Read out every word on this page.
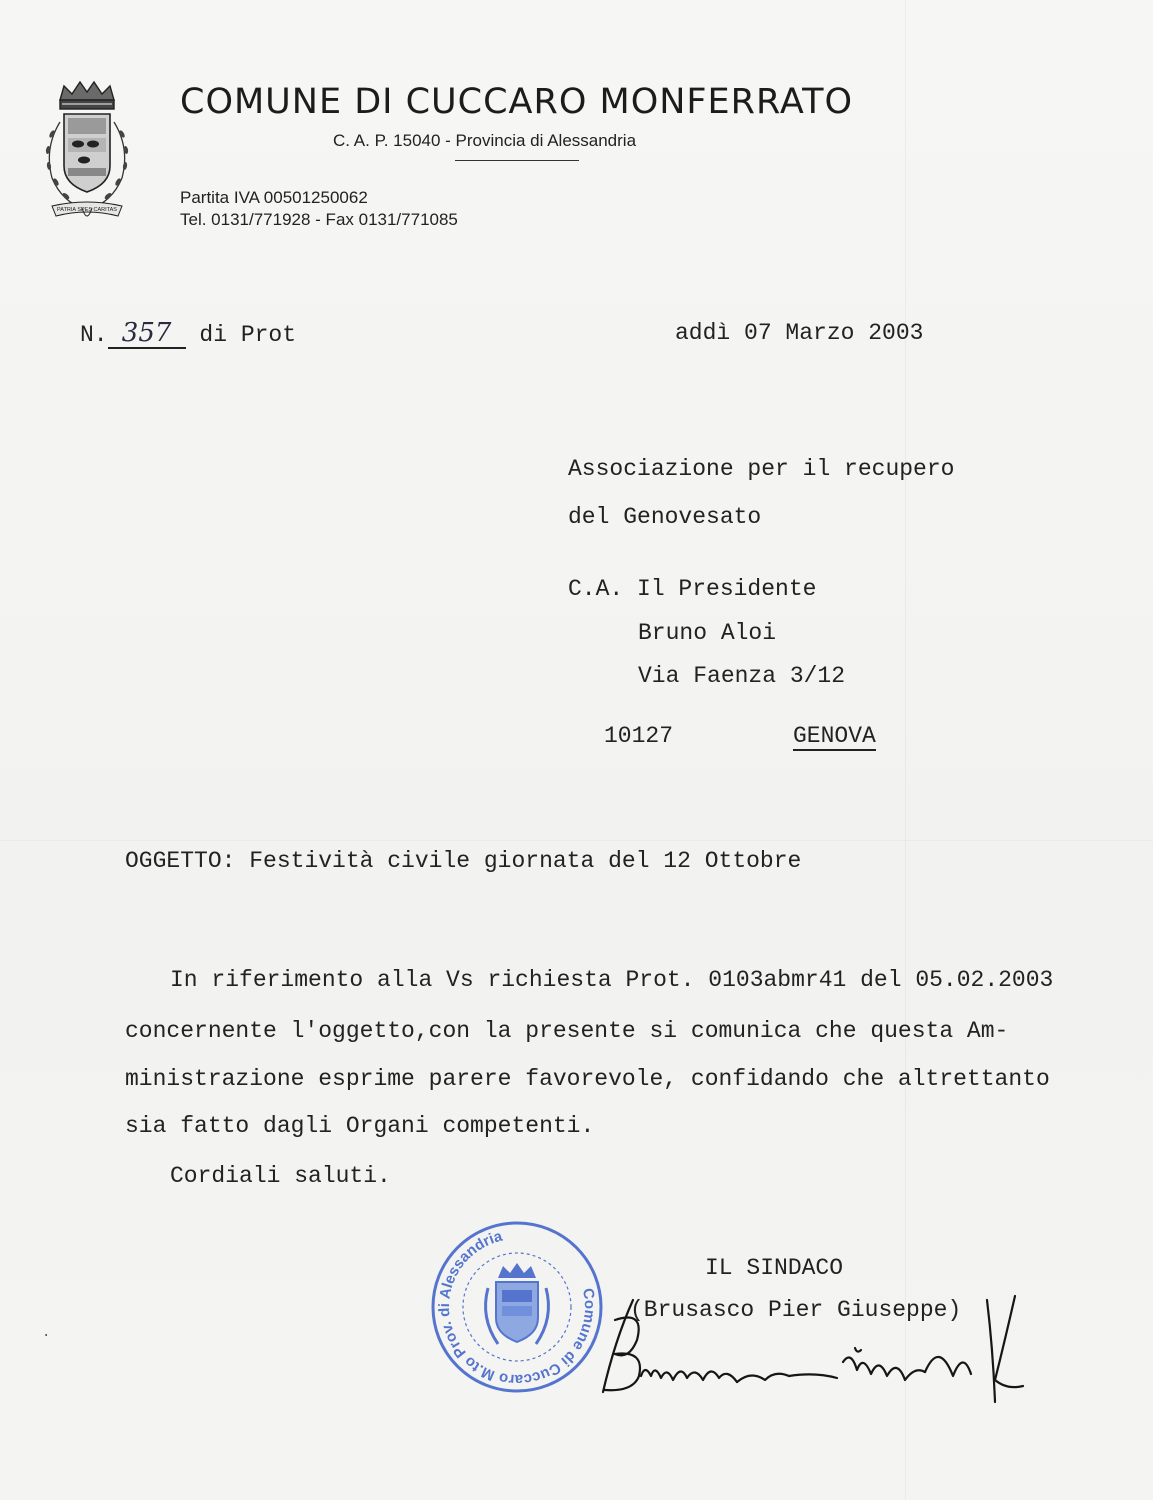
PATRIA SPES CARITAS
COMUNE DI CUCCARO MONFERRATO
C. A. P. 15040 - Provincia di Alessandria
Partita IVA 00501250062
Tel. 0131/771928 - Fax 0131/771085
N. 357 di Prot	addì 07 Marzo 2003
Associazione per il recupero
del Genovesato
C.A. Il Presidente
Bruno Aloi
Via Faenza 3/12
10127	GENOVA
OGGETTO: Festività civile giornata del 12 Ottobre
In riferimento alla Vs richiesta Prot. 0103abmr41 del 05.02.2003
concernente l'oggetto,con la presente si comunica che questa Am-
ministrazione esprime parere favorevole, confidando che altrettanto
sia fatto dagli Organi competenti.
Cordiali saluti.
IL SINDACO
(Brusasco Pier Giuseppe)
Comune di Cuccaro M.to Prov. di Alessandria
·
